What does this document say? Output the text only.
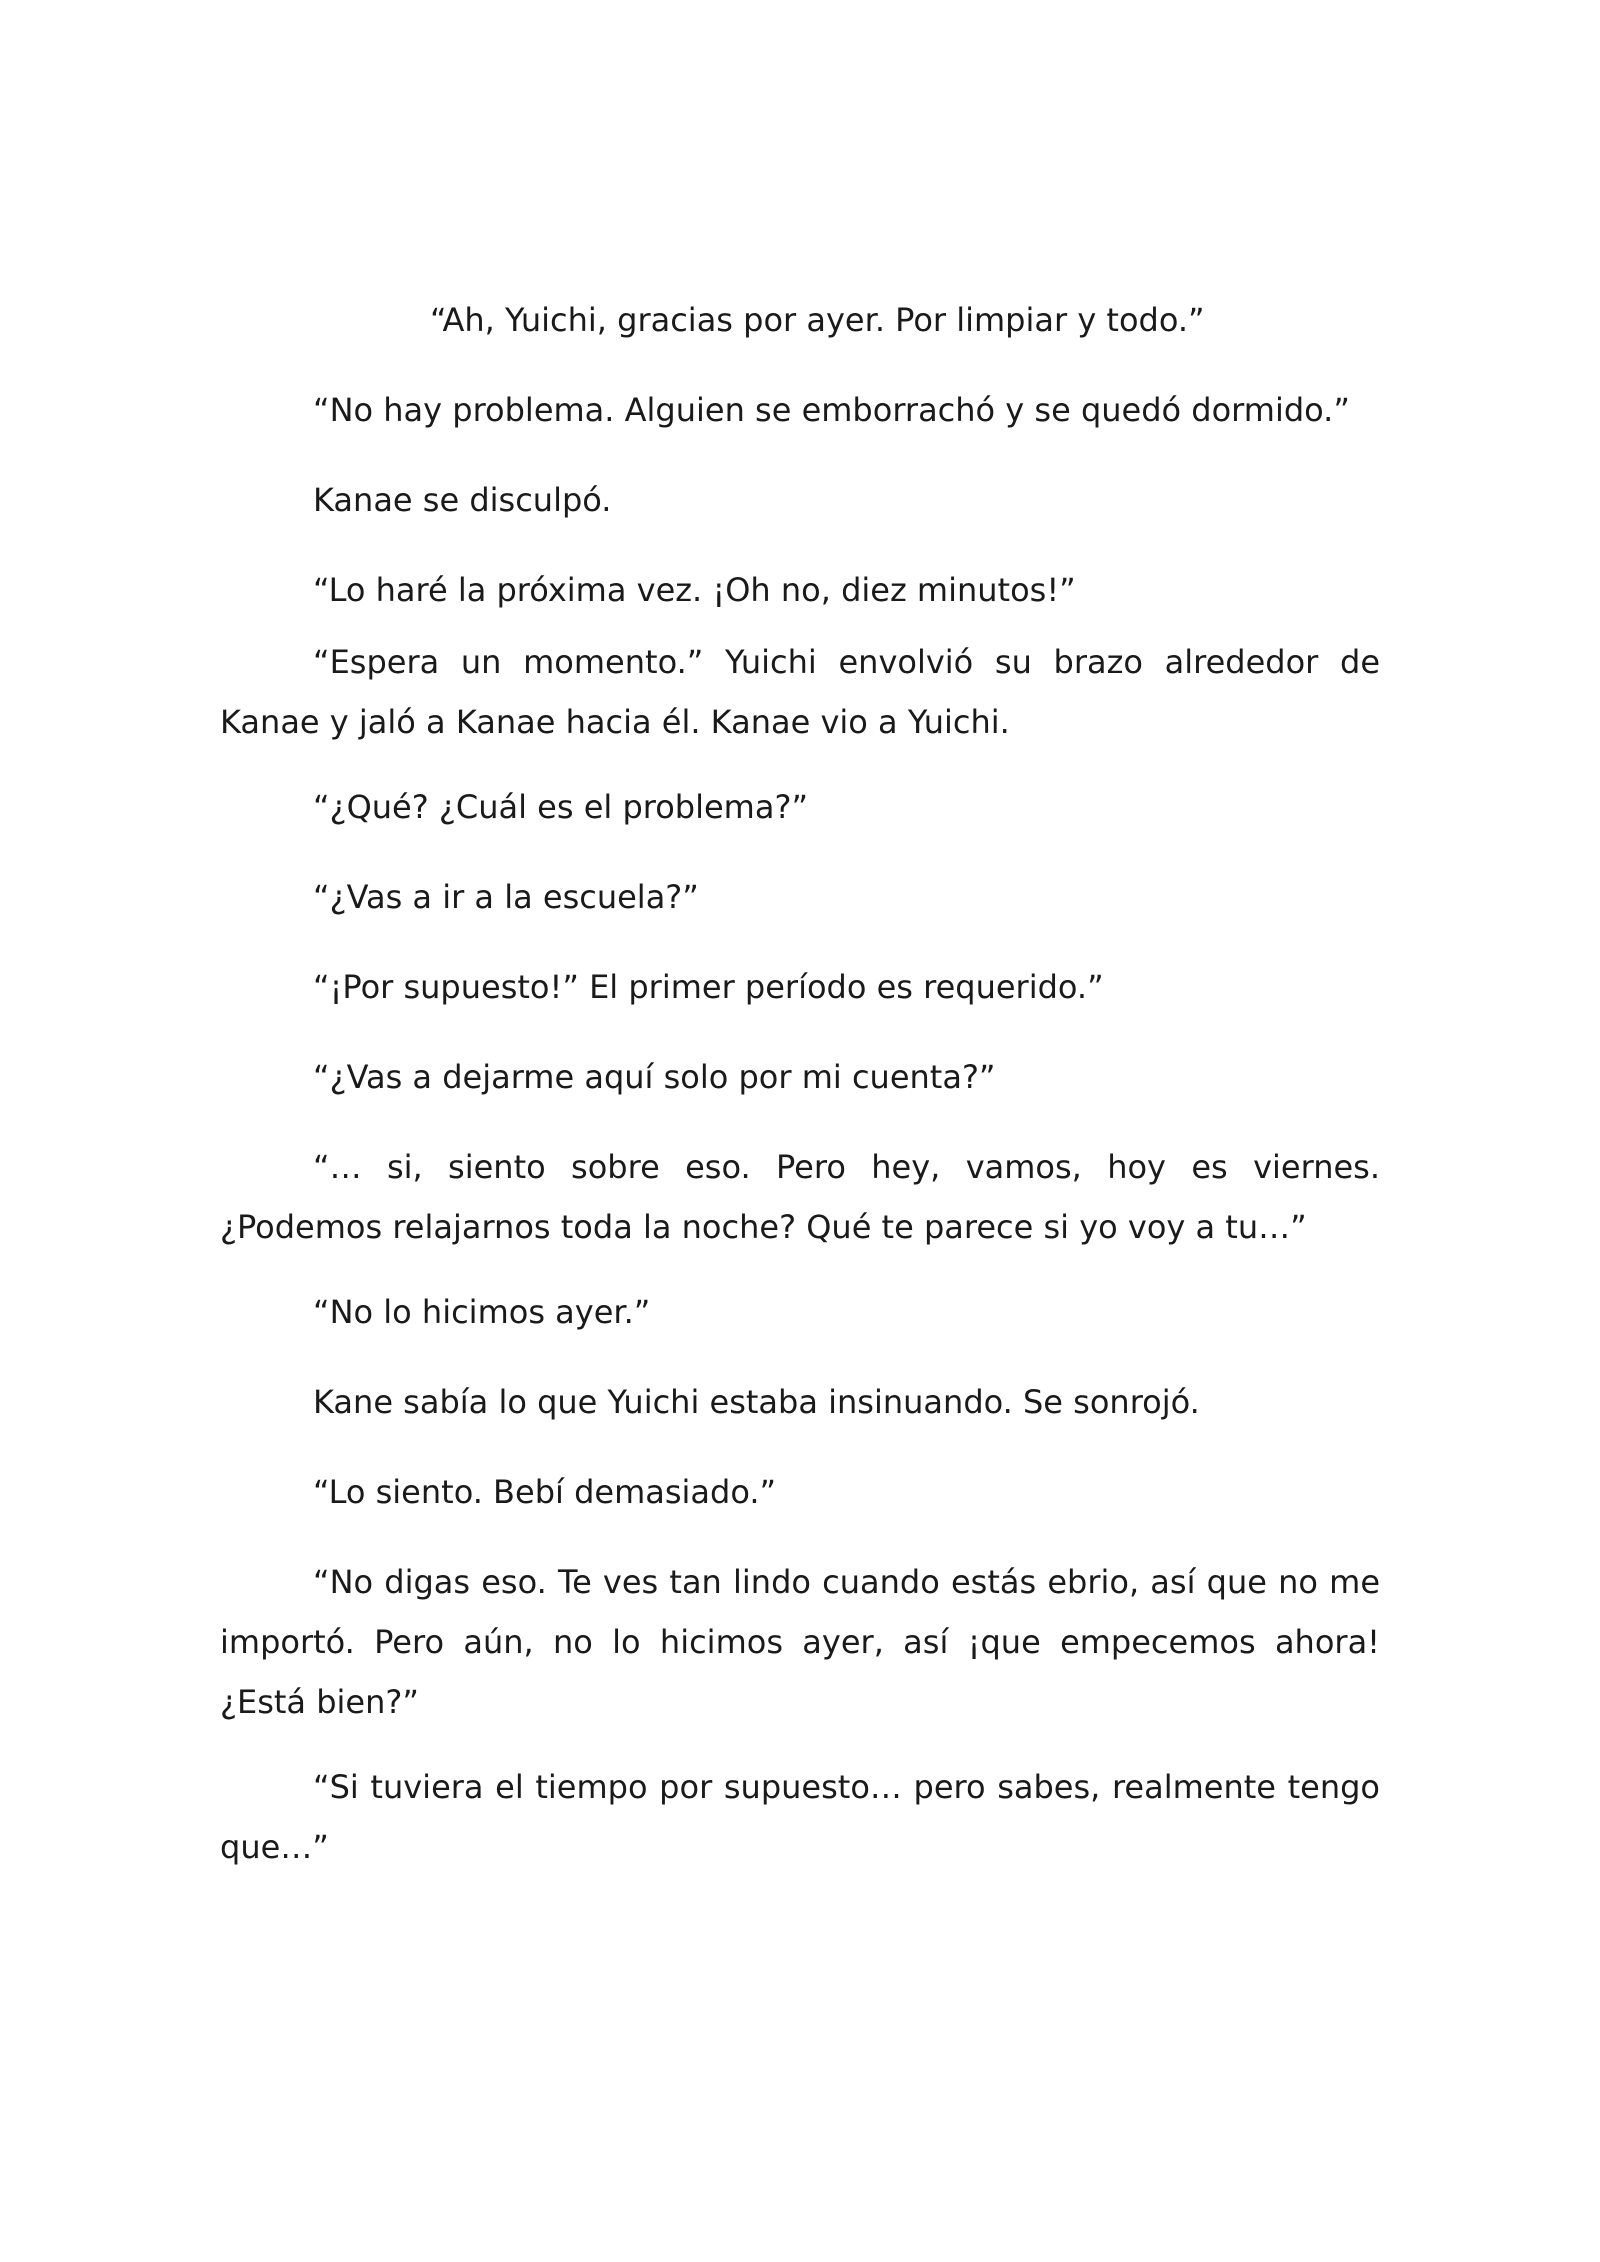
“Ah, Yuichi, gracias por ayer. Por limpiar y todo.”

“No hay problema. Alguien se emborrachó y se quedó dormido.”

Kanae se disculpó.

“Lo haré la próxima vez. ¡Oh no, diez minutos!”

“Espera un momento.” Yuichi envolvió su brazo alrededor de Kanae y jaló a Kanae hacia él. Kanae vio a Yuichi.

“¿Qué? ¿Cuál es el problema?”

“¿Vas a ir a la escuela?”

“¡Por supuesto!” El primer período es requerido.”

“¿Vas a dejarme aquí solo por mi cuenta?”

“… si, siento sobre eso. Pero hey, vamos, hoy es viernes. ¿Podemos relajarnos toda la noche? Qué te parece si yo voy a tu…”

“No lo hicimos ayer.”

Kane sabía lo que Yuichi estaba insinuando. Se sonrojó.

“Lo siento. Bebí demasiado.”

“No digas eso. Te ves tan lindo cuando estás ebrio, así que no me importó. Pero aún, no lo hicimos ayer, así ¡que empecemos ahora! ¿Está bien?”

“Si tuviera el tiempo por supuesto… pero sabes, realmente tengo que…”
